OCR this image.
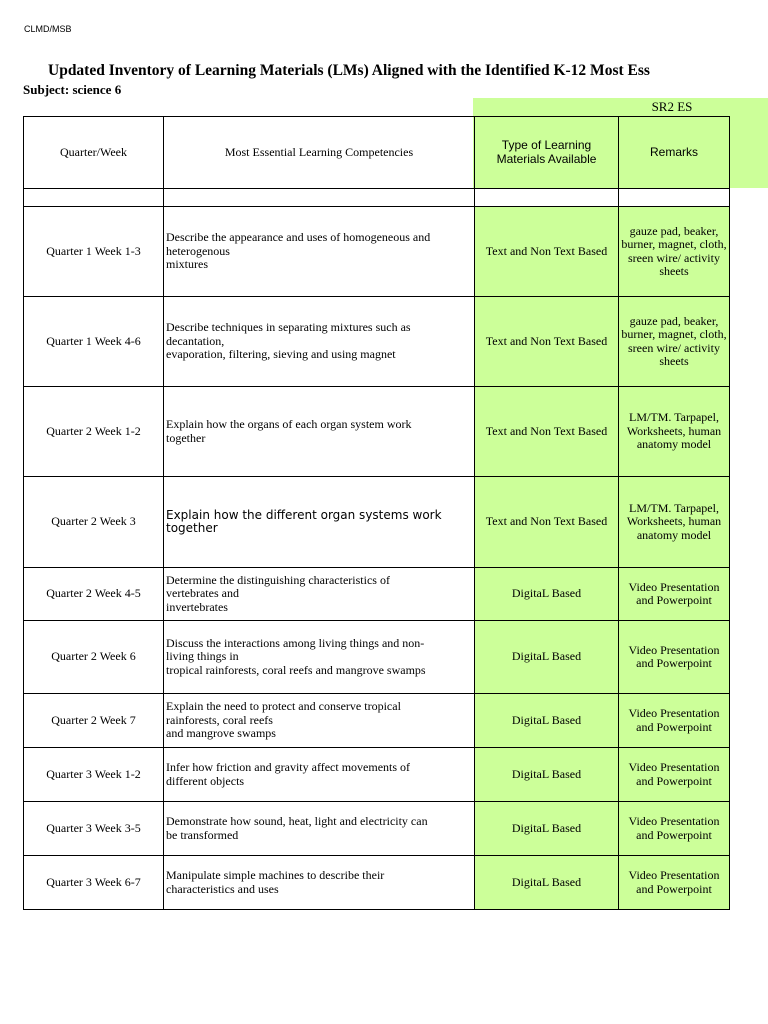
CLMD/MSB
Updated Inventory of Learning Materials (LMs) Aligned with the Identified K-12 Most Ess
Subject: science 6
SR2 ES
Quarter/Week	Most Essential Learning Competencies	Type of Learning Materials Available	Remarks

Quarter 1 Week 1-3	Describe the appearance and uses of homogeneous and
heterogenous
mixtures	Text and Non Text Based	gauze pad, beaker, burner, magnet, cloth, sreen wire/ activity sheets
Quarter 1 Week 4-6	Describe techniques in separating mixtures such as
decantation,
evaporation, filtering, sieving and using magnet	Text and Non Text Based	gauze pad, beaker, burner, magnet, cloth, sreen wire/ activity sheets
Quarter 2 Week 1-2	Explain how the organs of each organ system work
together	Text and Non Text Based	LM/TM. Tarpapel, Worksheets, human anatomy model
Quarter 2 Week 3	Explain how the different organ systems work
together	Text and Non Text Based	LM/TM. Tarpapel, Worksheets, human anatomy model
Quarter 2 Week 4-5	Determine the distinguishing characteristics of
vertebrates and
invertebrates	DigitaL Based	Video Presentation and Powerpoint
Quarter 2 Week 6	Discuss the interactions among living things and non-
living things in
tropical rainforests, coral reefs and mangrove swamps	DigitaL Based	Video Presentation and Powerpoint
Quarter 2 Week 7	Explain the need to protect and conserve tropical
rainforests, coral reefs
and mangrove swamps	DigitaL Based	Video Presentation and Powerpoint
Quarter 3 Week 1-2	Infer how friction and gravity affect movements of
different objects	DigitaL Based	Video Presentation and Powerpoint
Quarter 3 Week 3-5	Demonstrate how sound, heat, light and electricity can
be transformed	DigitaL Based	Video Presentation and Powerpoint
Quarter 3 Week 6-7	Manipulate simple machines to describe their
characteristics and uses	DigitaL Based	Video Presentation and Powerpoint
